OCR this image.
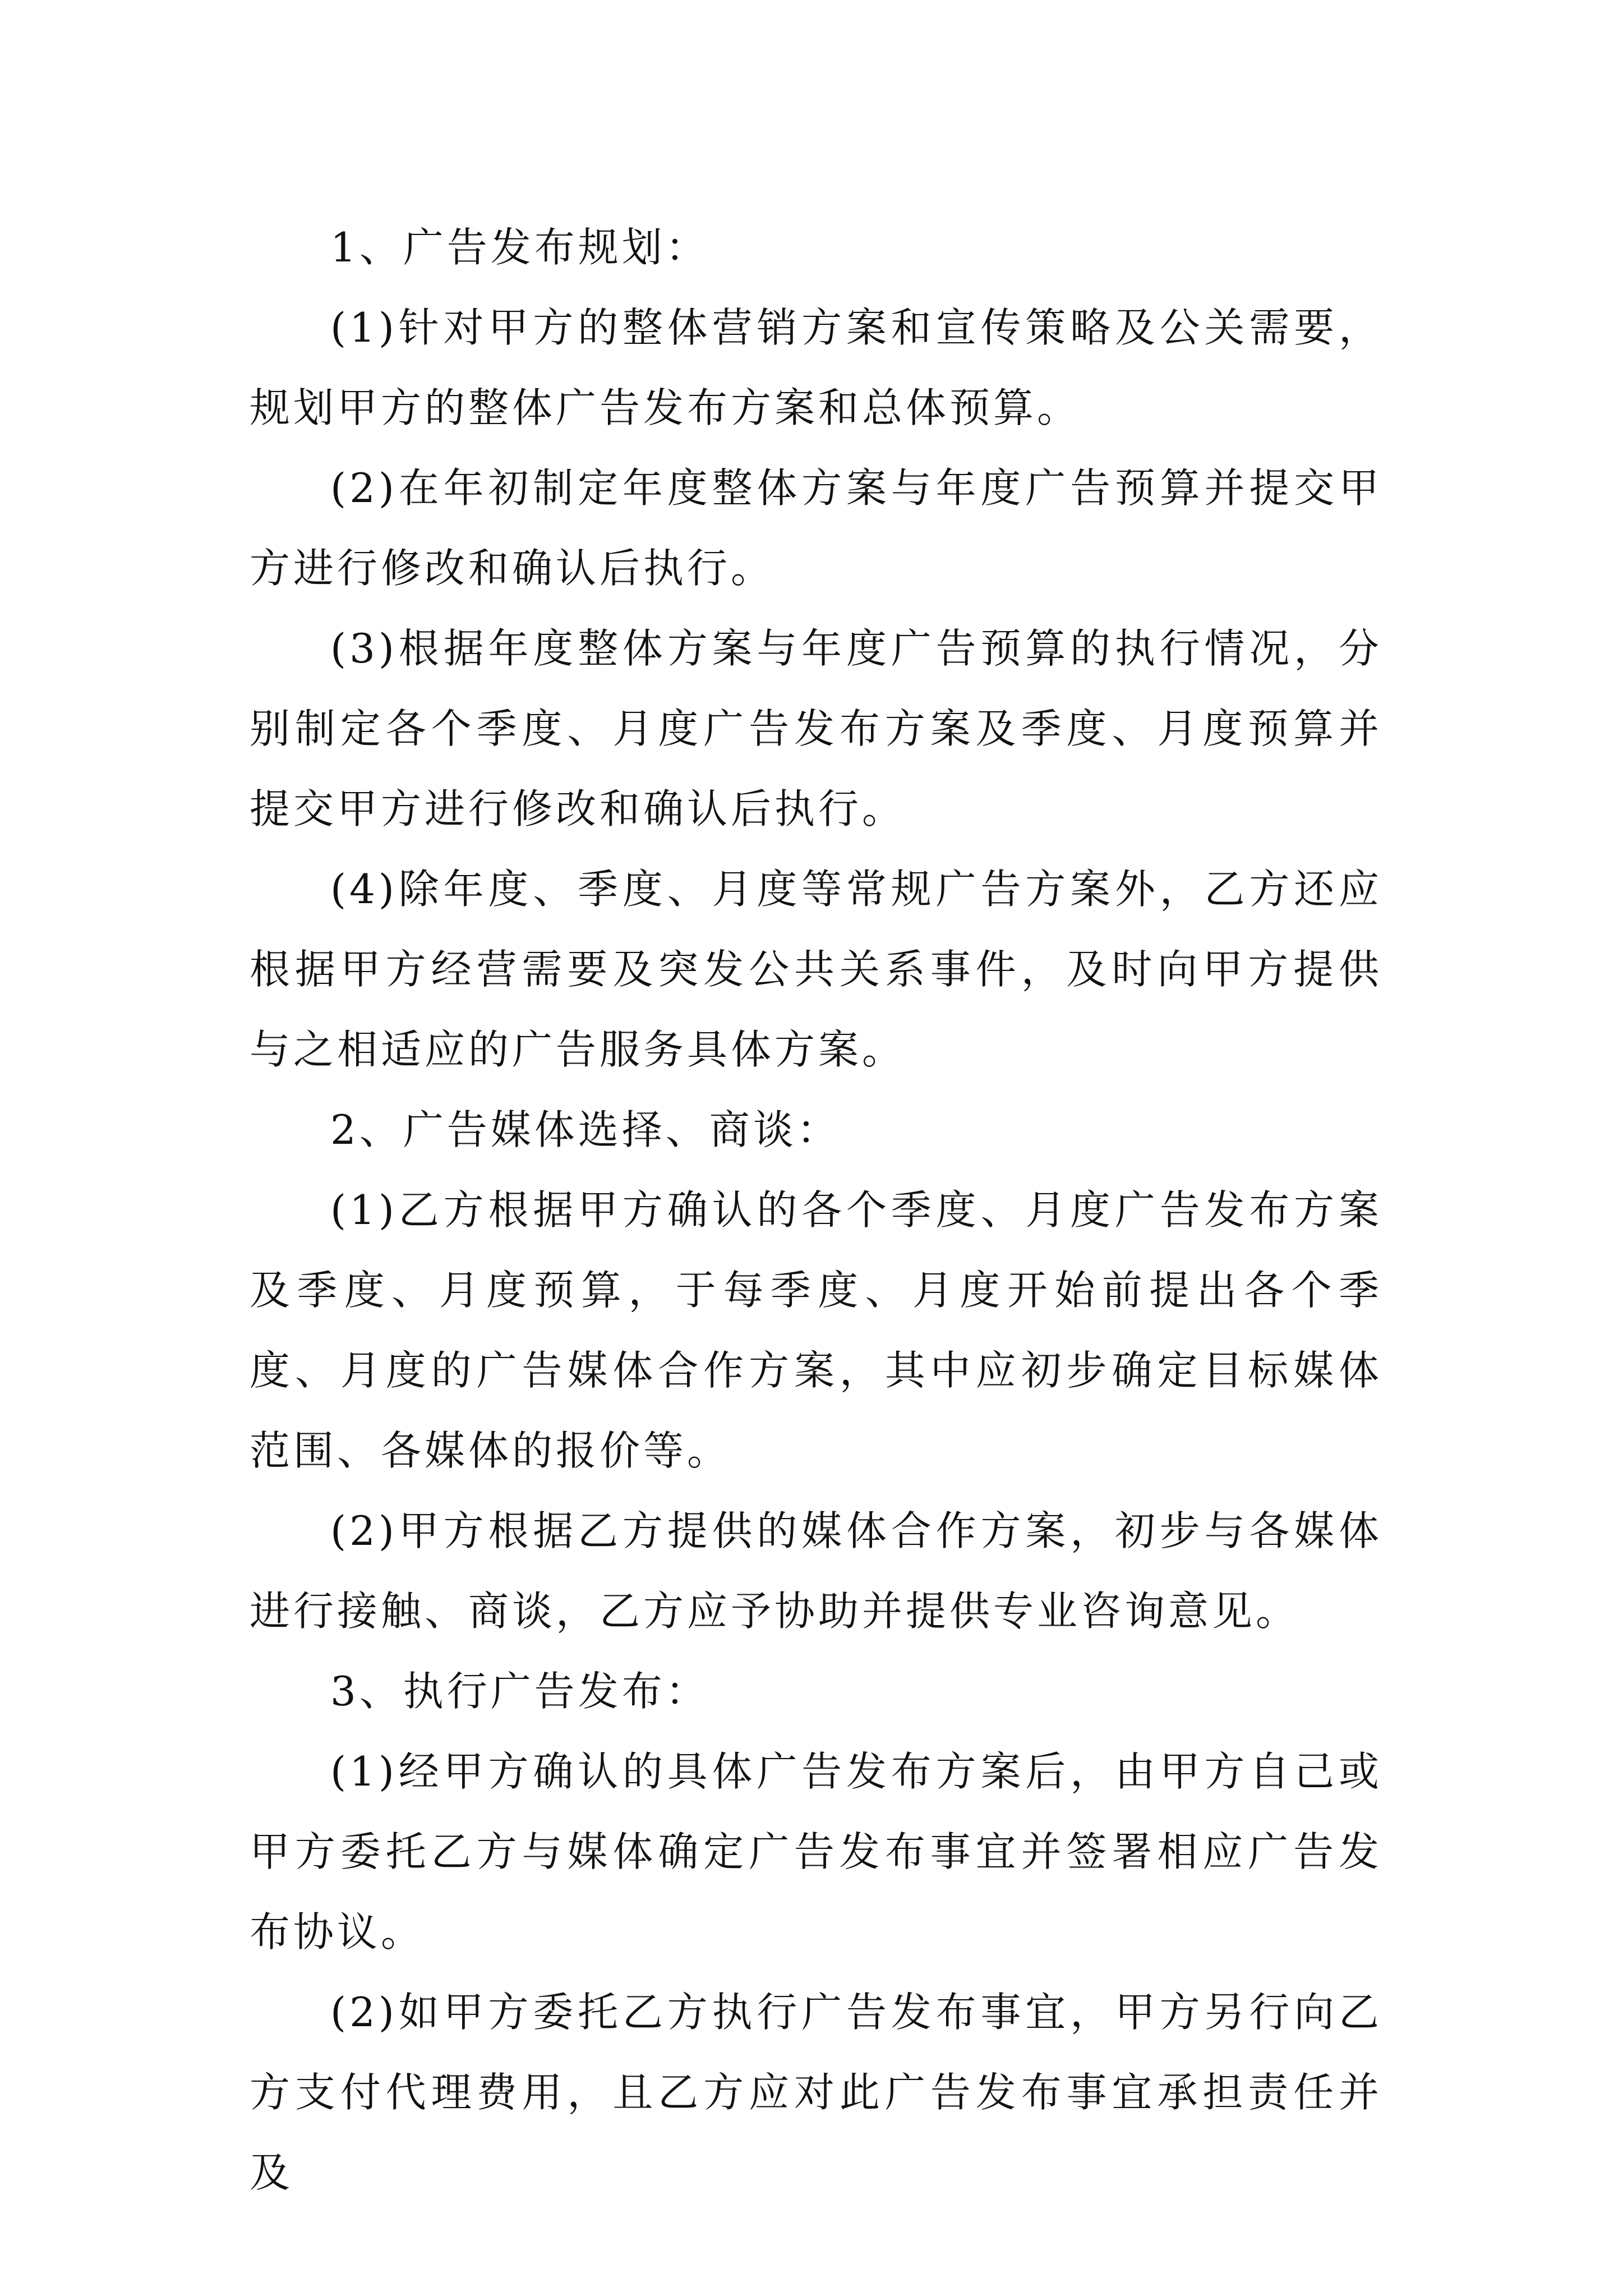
1、广告发布规划：

(1)针对甲方的整体营销方案和宣传策略及公关需要，规划甲方的整体广告发布方案和总体预算。

(2)在年初制定年度整体方案与年度广告预算并提交甲方进行修改和确认后执行。

(3)根据年度整体方案与年度广告预算的执行情况，分别制定各个季度、月度广告发布方案及季度、月度预算并提交甲方进行修改和确认后执行。

(4)除年度、季度、月度等常规广告方案外，乙方还应根据甲方经营需要及突发公共关系事件，及时向甲方提供与之相适应的广告服务具体方案。

2、广告媒体选择、商谈：

(1)乙方根据甲方确认的各个季度、月度广告发布方案及季度、月度预算，于每季度、月度开始前提出各个季度、月度的广告媒体合作方案，其中应初步确定目标媒体范围、各媒体的报价等。

(2)甲方根据乙方提供的媒体合作方案，初步与各媒体进行接触、商谈，乙方应予协助并提供专业咨询意见。

3、执行广告发布：

(1)经甲方确认的具体广告发布方案后，由甲方自己或甲方委托乙方与媒体确定广告发布事宜并签署相应广告发布协议。

(2)如甲方委托乙方执行广告发布事宜，甲方另行向乙方支付代理费用，且乙方应对此广告发布事宜承担责任并及
